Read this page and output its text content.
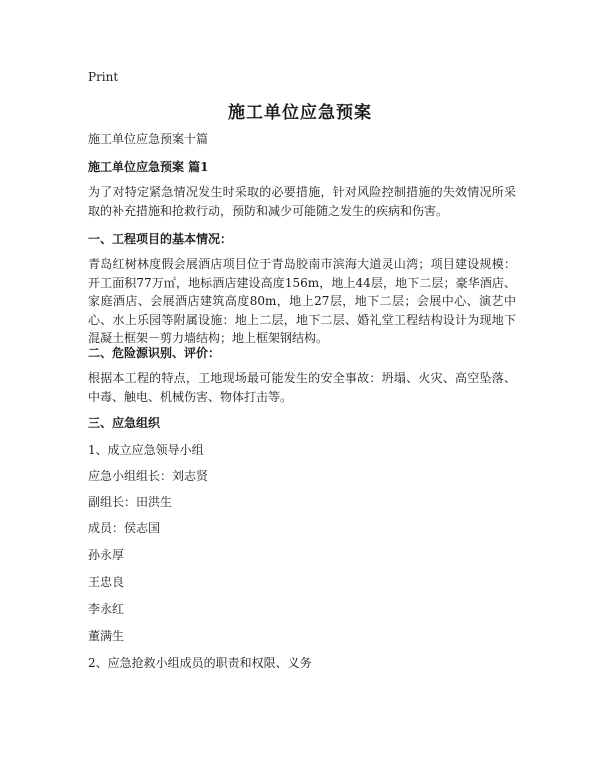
Print
施工单位应急预案
施工单位应急预案十篇
施工单位应急预案 篇1
为了对特定紧急情况发生时采取的必要措施，针对风险控制措施的失效情况所采取的补充措施和抢救行动，预防和减少可能随之发生的疾病和伤害。
一、工程项目的基本情况：
青岛红树林度假会展酒店项目位于青岛胶南市滨海大道灵山湾；项目建设规模：开工面积77万㎡，地标酒店建设高度156m，地上44层，地下二层；豪华酒店、家庭酒店、会展酒店建筑高度80m，地上27层，地下二层；会展中心、演艺中心、水上乐园等附属设施：地上二层，地下二层、婚礼堂工程结构设计为现地下混凝土框架－剪力墙结构；地上框架钢结构。
二、危险源识别、评价：
根据本工程的特点，工地现场最可能发生的安全事故：坍塌、火灾、高空坠落、中毒、触电、机械伤害、物体打击等。
三、应急组织
1、成立应急领导小组
应急小组组长：刘志贤
副组长：田洪生
成员：侯志国
孙永厚
王忠良
李永红
董满生
2、应急抢救小组成员的职责和权限、义务
